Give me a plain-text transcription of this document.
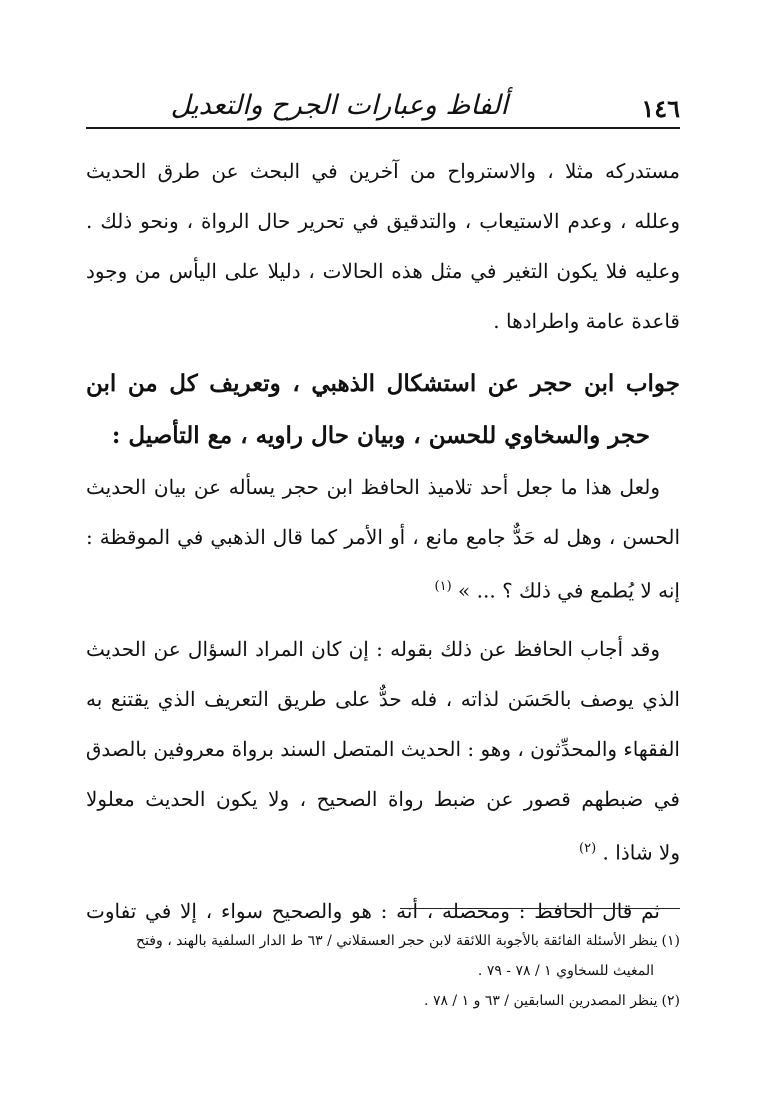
١٤٦
ألفاظ وعبارات الجرح والتعديل
مستدركه مثلا ، والاسترواح من آخرين في البحث عن طرق الحديث
وعلله ، وعدم الاستيعاب ، والتدقيق في تحرير حال الرواة ، ونحو ذلك .
وعليه فلا يكون التغير في مثل هذه الحالات ، دليلا على اليأس من وجود
قاعدة عامة واطرادها .
جواب ابن حجر عن استشكال الذهبي ، وتعريف كل من ابن
حجر والسخاوي للحسن ، وبيان حال راويه ، مع التأصيل :
ولعل هذا ما جعل أحد تلاميذ الحافظ ابن حجر يسأله عن بيان الحديث
الحسن ، وهل له حَدٌّ جامع مانع ، أو الأمر كما قال الذهبي في الموقظة :
إنه لا يُطمع في ذلك ؟ ... » $^{(١)}$
وقد أجاب الحافظ عن ذلك بقوله : إن كان المراد السؤال عن الحديث
الذي يوصف بالحَسَن لذاته ، فله حدٌّ على طريق التعريف الذي يقتنع به
الفقهاء والمحدِّثون ، وهو : الحديث المتصل السند برواة معروفين بالصدق
في ضبطهم قصور عن ضبط رواة الصحيح ، ولا يكون الحديث معلولا
ولا شاذا . $^{(٢)}$
ثم قال الحافظ : ومحصله ، أنه : هو والصحيح سواء ، إلا في تفاوت
(١)ينظر الأسئلة الفائقة بالأجوبة اللائقة لابن حجر العسقلاني / ٦٣ ط الدار السلفية بالهند ، وفتح
المغيث للسخاوي ١ / ٧٨ - ٧٩ .
(٢)ينظر المصدرين السابقين / ٦٣ و ١ / ٧٨ .
